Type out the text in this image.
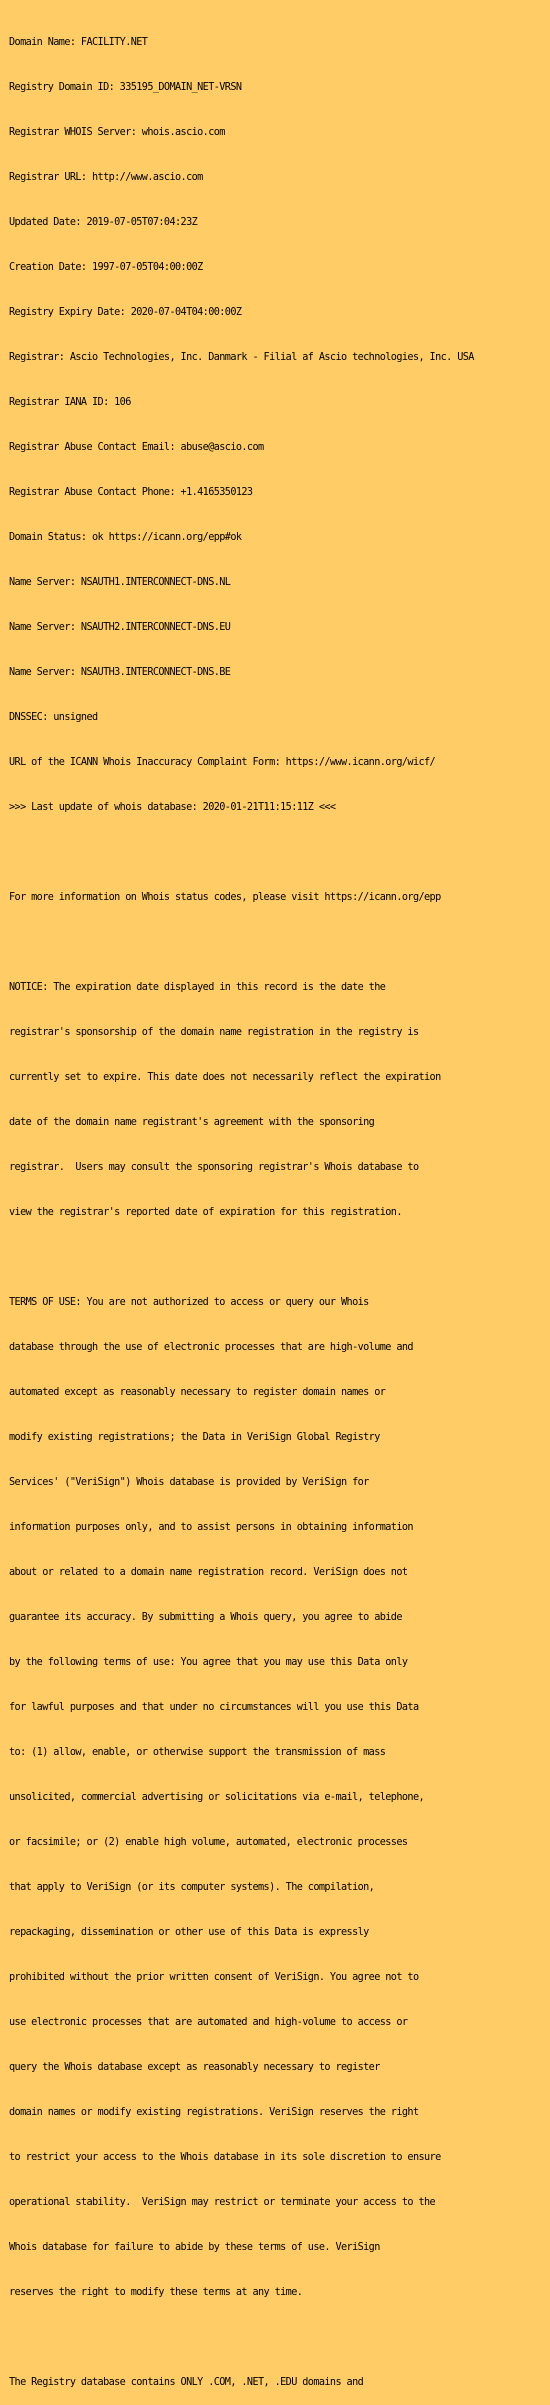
Domain Name: FACILITY.NET

Registry Domain ID: 335195_DOMAIN_NET-VRSN

Registrar WHOIS Server: whois.ascio.com

Registrar URL: http://www.ascio.com

Updated Date: 2019-07-05T07:04:23Z

Creation Date: 1997-07-05T04:00:00Z

Registry Expiry Date: 2020-07-04T04:00:00Z

Registrar: Ascio Technologies, Inc. Danmark - Filial af Ascio technologies, Inc. USA

Registrar IANA ID: 106

Registrar Abuse Contact Email: abuse@ascio.com

Registrar Abuse Contact Phone: +1.4165350123

Domain Status: ok https://icann.org/epp#ok

Name Server: NSAUTH1.INTERCONNECT-DNS.NL

Name Server: NSAUTH2.INTERCONNECT-DNS.EU

Name Server: NSAUTH3.INTERCONNECT-DNS.BE

DNSSEC: unsigned

URL of the ICANN Whois Inaccuracy Complaint Form: https://www.icann.org/wicf/

>>> Last update of whois database: 2020-01-21T11:15:11Z <<<

For more information on Whois status codes, please visit https://icann.org/epp

NOTICE: The expiration date displayed in this record is the date the

registrar's sponsorship of the domain name registration in the registry is

currently set to expire. This date does not necessarily reflect the expiration

date of the domain name registrant's agreement with the sponsoring

registrar.  Users may consult the sponsoring registrar's Whois database to

view the registrar's reported date of expiration for this registration.

TERMS OF USE: You are not authorized to access or query our Whois

database through the use of electronic processes that are high-volume and

automated except as reasonably necessary to register domain names or

modify existing registrations; the Data in VeriSign Global Registry

Services' ("VeriSign") Whois database is provided by VeriSign for

information purposes only, and to assist persons in obtaining information

about or related to a domain name registration record. VeriSign does not

guarantee its accuracy. By submitting a Whois query, you agree to abide

by the following terms of use: You agree that you may use this Data only

for lawful purposes and that under no circumstances will you use this Data

to: (1) allow, enable, or otherwise support the transmission of mass

unsolicited, commercial advertising or solicitations via e-mail, telephone,

or facsimile; or (2) enable high volume, automated, electronic processes

that apply to VeriSign (or its computer systems). The compilation,

repackaging, dissemination or other use of this Data is expressly

prohibited without the prior written consent of VeriSign. You agree not to

use electronic processes that are automated and high-volume to access or

query the Whois database except as reasonably necessary to register

domain names or modify existing registrations. VeriSign reserves the right

to restrict your access to the Whois database in its sole discretion to ensure

operational stability.  VeriSign may restrict or terminate your access to the

Whois database for failure to abide by these terms of use. VeriSign

reserves the right to modify these terms at any time.

The Registry database contains ONLY .COM, .NET, .EDU domains and
